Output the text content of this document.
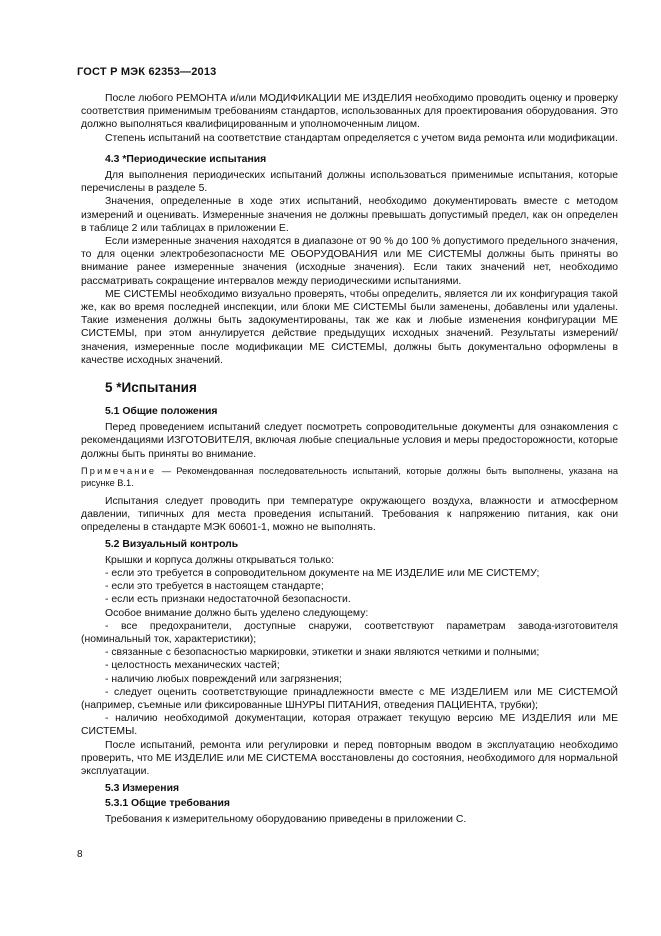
ГОСТ Р МЭК 62353—2013

После любого РЕМОНТА и/или МОДИФИКАЦИИ МЕ ИЗДЕЛИЯ необходимо проводить оценку и проверку соответствия применимым требованиям стандартов, использованных для проектирования оборудования. Это должно выполняться квалифицированным и уполномоченным лицом.

Степень испытаний на соответствие стандартам определяется с учетом вида ремонта или модификации.

4.3 *Периодические испытания

Для выполнения периодических испытаний должны использоваться применимые испытания, которые перечислены в разделе 5.

Значения, определенные в ходе этих испытаний, необходимо документировать вместе с методом измерений и оценивать. Измеренные значения не должны превышать допустимый предел, как он определен в таблице 2 или таблицах в приложении Е.

Если измеренные значения находятся в диапазоне от 90 % до 100 % допустимого предельного значения, то для оценки электробезопасности МЕ ОБОРУДОВАНИЯ или МЕ СИСТЕМЫ должны быть приняты во внимание ранее измеренные значения (исходные значения). Если таких значений нет, необходимо рассматривать сокращение интервалов между периодическими испытаниями.

МЕ СИСТЕМЫ необходимо визуально проверять, чтобы определить, является ли их конфигурация такой же, как во время последней инспекции, или блоки МЕ СИСТЕМЫ были заменены, добавлены или удалены. Такие изменения должны быть задокументированы, так же как и любые изменения конфигурации МЕ СИСТЕМЫ, при этом аннулируется действие предыдущих исходных значений. Результаты измерений/значения, измеренные после модификации МЕ СИСТЕМЫ, должны быть документально оформлены в качестве исходных значений.

5 *Испытания

5.1 Общие положения

Перед проведением испытаний следует посмотреть сопроводительные документы для ознакомления с рекомендациями ИЗГОТОВИТЕЛЯ, включая любые специальные условия и меры предосторожности, которые должны быть приняты во внимание.

Примечание — Рекомендованная последовательность испытаний, которые должны быть выполнены, указана на рисунке В.1.

Испытания следует проводить при температуре окружающего воздуха, влажности и атмосферном давлении, типичных для места проведения испытаний. Требования к напряжению питания, как они определены в стандарте МЭК 60601-1, можно не выполнять.

5.2 Визуальный контроль

Крышки и корпуса должны открываться только:

- если это требуется в сопроводительном документе на МЕ ИЗДЕЛИЕ или МЕ СИСТЕМУ;

- если это требуется в настоящем стандарте;

- если есть признаки недостаточной безопасности.

Особое внимание должно быть уделено следующему:

- все предохранители, доступные снаружи, соответствуют параметрам завода-изготовителя (номинальный ток, характеристики);

- связанные с безопасностью маркировки, этикетки и знаки являются четкими и полными;

- целостность механических частей;

- наличию любых повреждений или загрязнения;

- следует оценить соответствующие принадлежности вместе с МЕ ИЗДЕЛИЕМ или МЕ СИСТЕМОЙ (например, съемные или фиксированные ШНУРЫ ПИТАНИЯ, отведения ПАЦИЕНТА, трубки);

- наличию необходимой документации, которая отражает текущую версию МЕ ИЗДЕЛИЯ или МЕ СИСТЕМЫ.

После испытаний, ремонта или регулировки и перед повторным вводом в эксплуатацию необходимо проверить, что МЕ ИЗДЕЛИЕ или МЕ СИСТЕМА восстановлены до состояния, необходимого для нормальной эксплуатации.

5.3 Измерения

5.3.1 Общие требования

Требования к измерительному оборудованию приведены в приложении С.

8
